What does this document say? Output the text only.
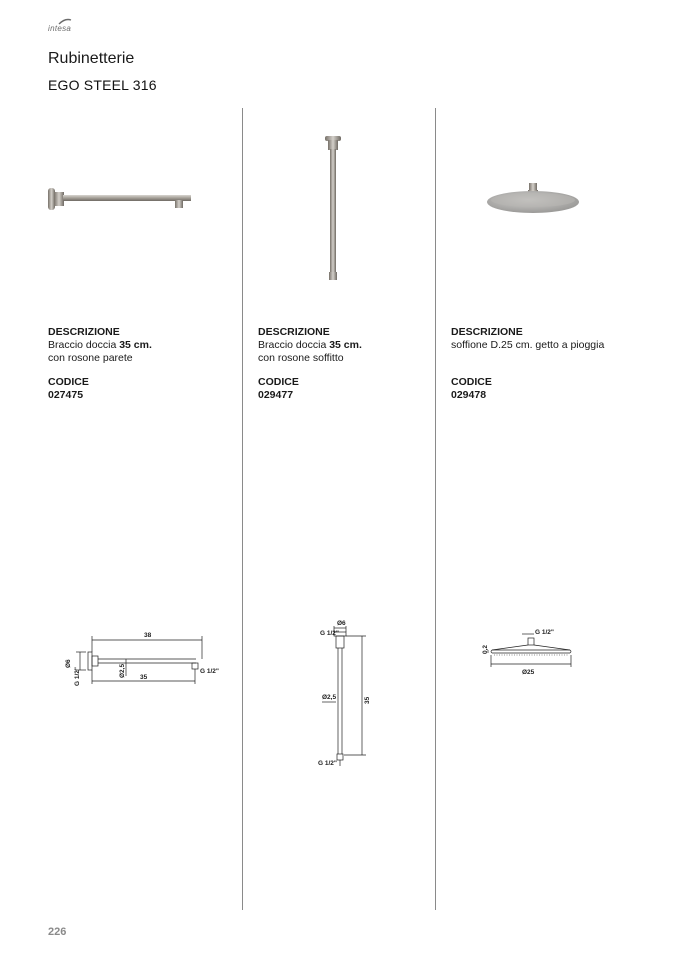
intesa
Rubinetterie
EGO STEEL 316
DESCRIZIONE
Braccio doccia 35 cm.
con rosone parete
CODICE
027475
DESCRIZIONE
Braccio doccia 35 cm.
con rosone soffitto
CODICE
029477
DESCRIZIONE
soffione D.25 cm. getto a pioggia
CODICE
029478
38
35
Ø6
G 1/2"	Ø2,5	G 1/2"
Ø6
G 1/2"
Ø2,5	35
G 1/2"
G 1/2"
0,2
Ø25
226
